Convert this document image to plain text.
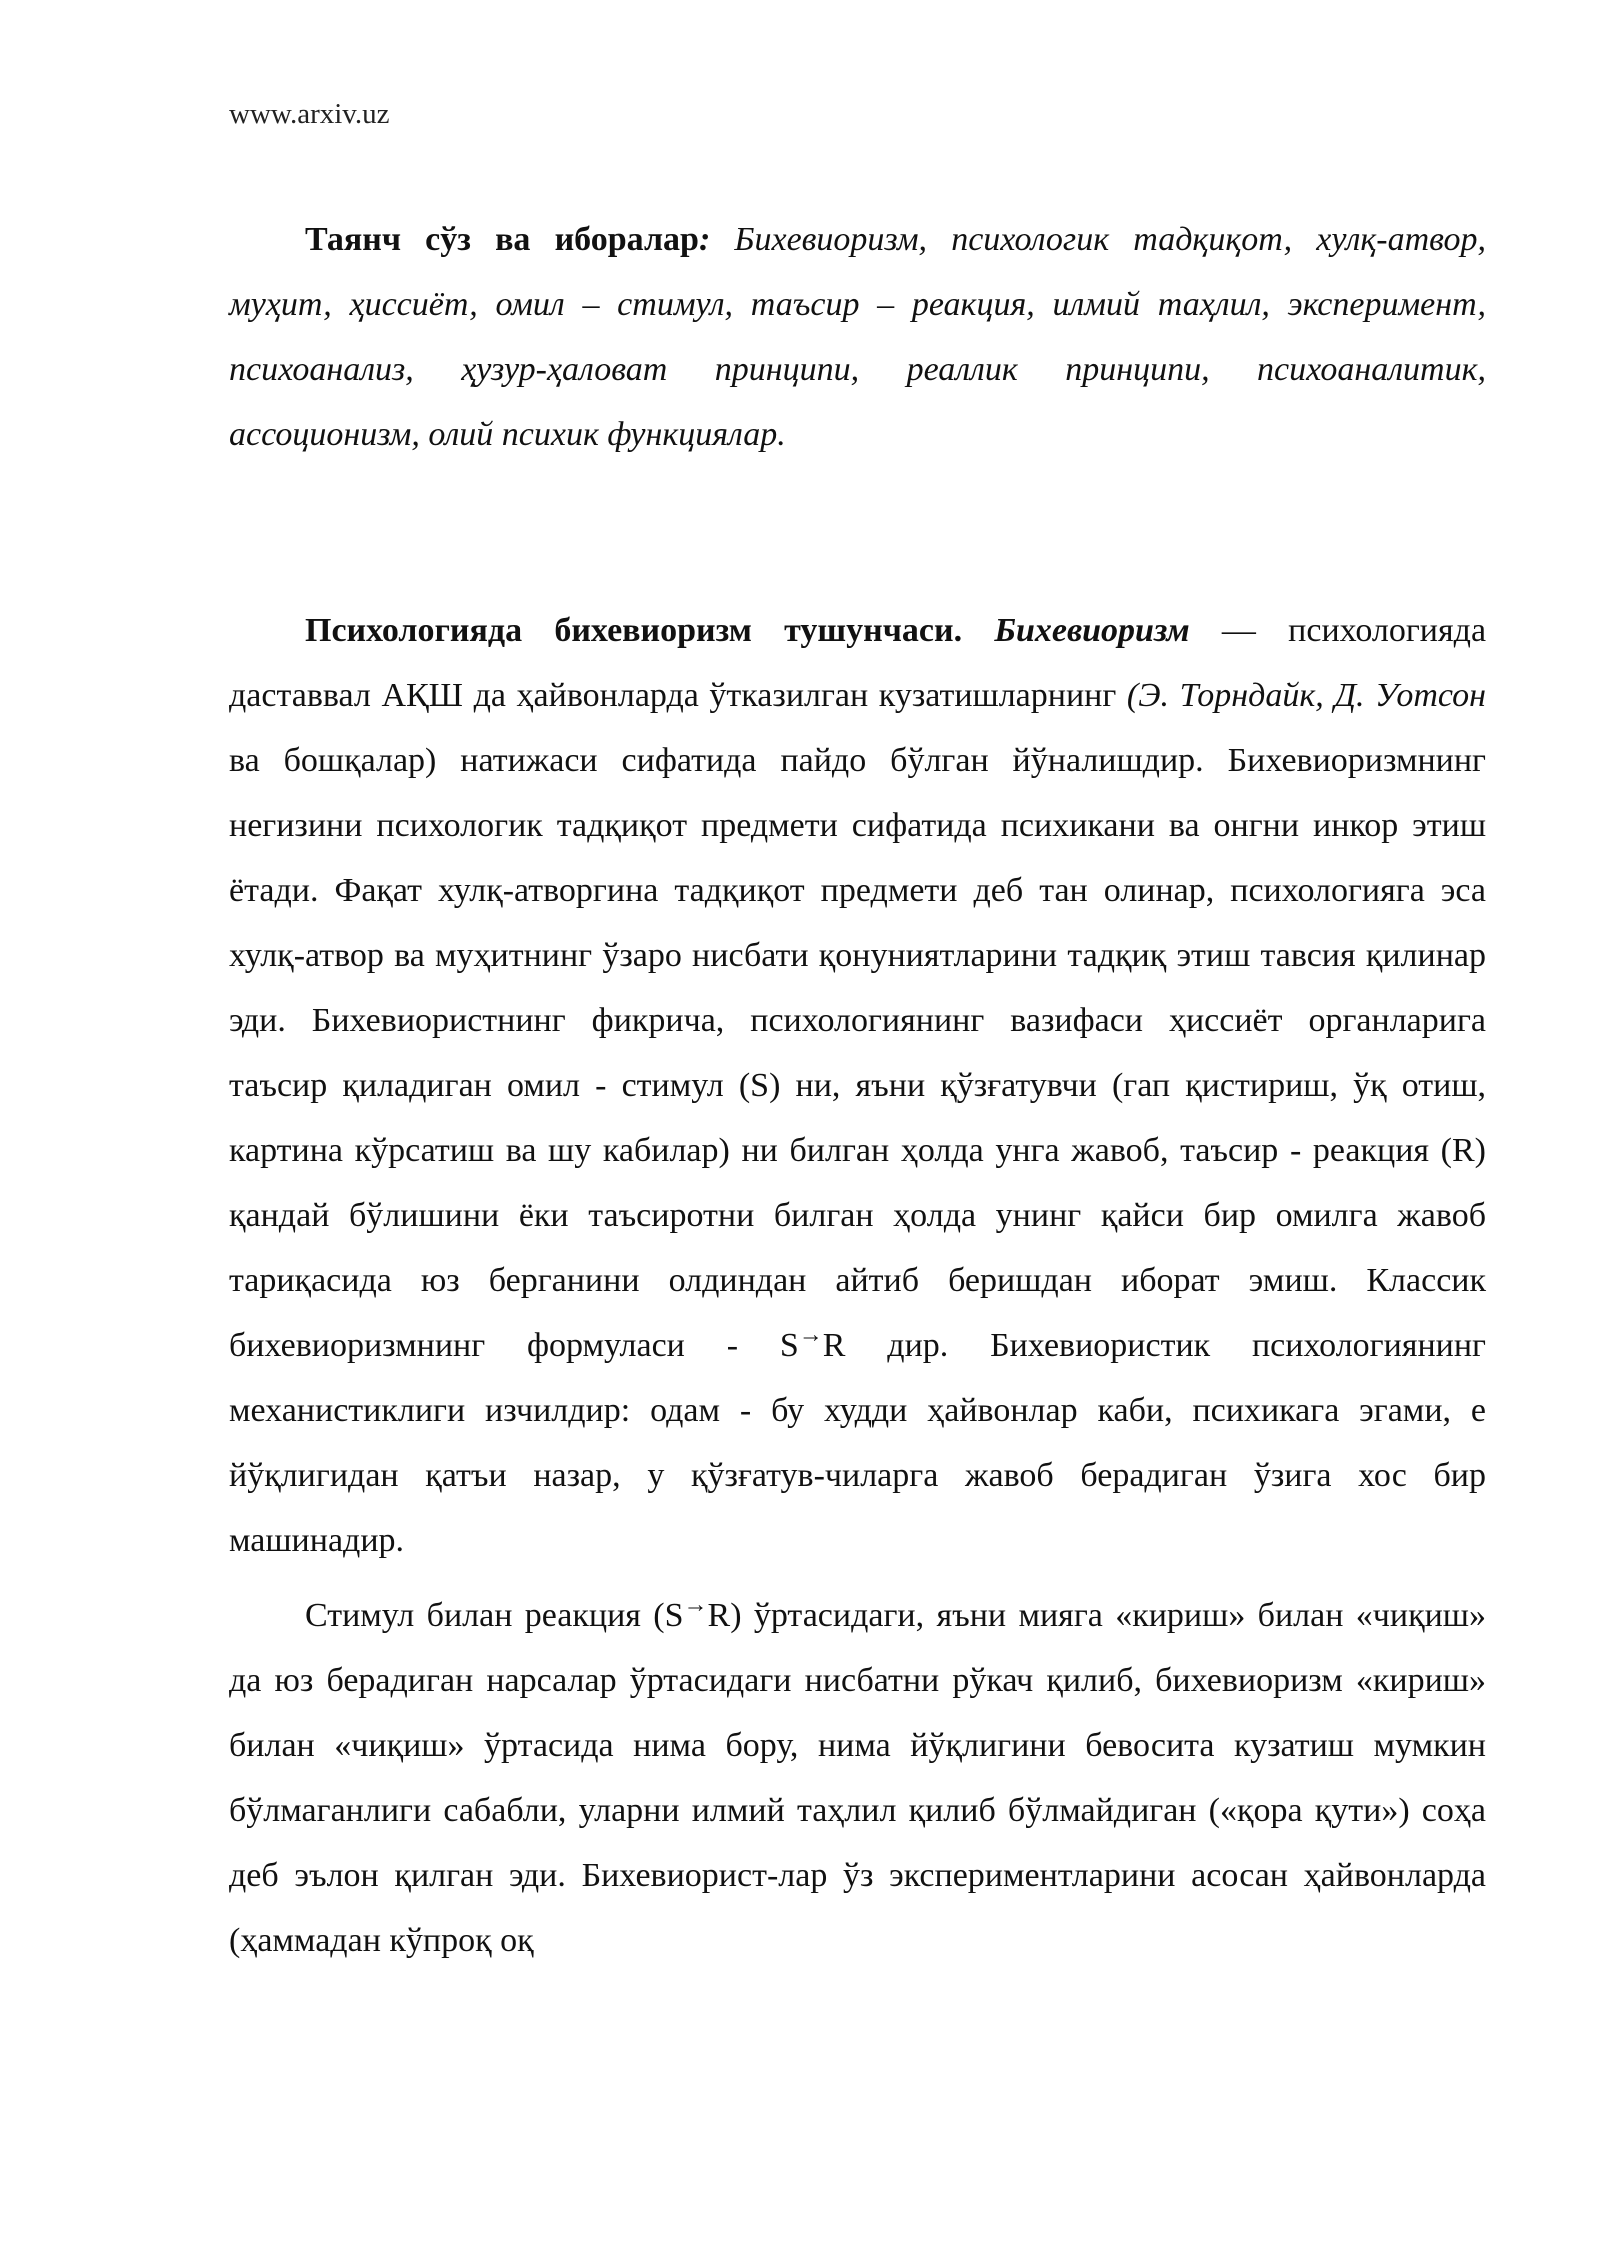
www.arxiv.uz

Таянч сўз ва иборалар: Бихевиоризм, психологик тадқиқот, хулқ-атвор, муҳит, ҳиссиёт, омил – стимул, таъсир – реакция, илмий таҳлил, эксперимент, психоанализ, ҳузур-ҳаловат принципи, реаллик принципи, психоаналитик, ассоционизм, олий психик функциялар.

Психологияда бихевиоризм тушунчаси. Бихевиоризм — психологияда даставвал АҚШ да ҳайвонларда ўтказилган кузатишларнинг (Э. Торндайк, Д. Уотсон ва бошқалар) натижаси сифатида пайдо бўлган йўналишдир. Бихевиоризмнинг негизини психологик тадқиқот предмети сифатида психикани ва онгни инкор этиш ётади. Фақат хулқ-атворгина тадқиқот предмети деб тан олинар, психологияга эса хулқ-атвор ва муҳитнинг ўзаро нисбати қонуниятларини тадқиқ этиш тавсия қилинар эди. Бихевиористнинг фикрича, психологиянинг вазифаси ҳиссиёт органларига таъсир қиладиган омил - стимул (S) ни, яъни қўзғатувчи (гап қистириш, ўқ отиш, картина кўрсатиш ва шу кабилар) ни билган ҳолда унга жавоб, таъсир - реакция (R) қандай бўлишини ёки таъсиротни билган ҳолда унинг қайси бир омилга жавоб тариқасида юз берганини олдиндан айтиб беришдан иборат эмиш. Классик бихевиоризмнинг формуласи - S→R дир. Бихевиористик психологиянинг механистиклиги изчилдир: одам - бу худди ҳайвонлар каби, психикага эгами, е йўқлигидан қатъи назар, у қўзғатув-чиларга жавоб берадиган ўзига хос бир машинадир.

Стимул билан реакция (S→R) ўртасидаги, яъни мияга «кириш» билан «чиқиш» да юз берадиган нарсалар ўртасидаги нисбатни рўкач қилиб, бихевиоризм «кириш» билан «чиқиш» ўртасида нима бору, нима йўқлигини бевосита кузатиш мумкин бўлмаганлиги сабабли, уларни илмий таҳлил қилиб бўлмайдиган («қора қути») соҳа деб эълон қилган эди. Бихевиорист-лар ўз экспериментларини асосан ҳайвонларда (ҳаммадан кўпроқ оқ
